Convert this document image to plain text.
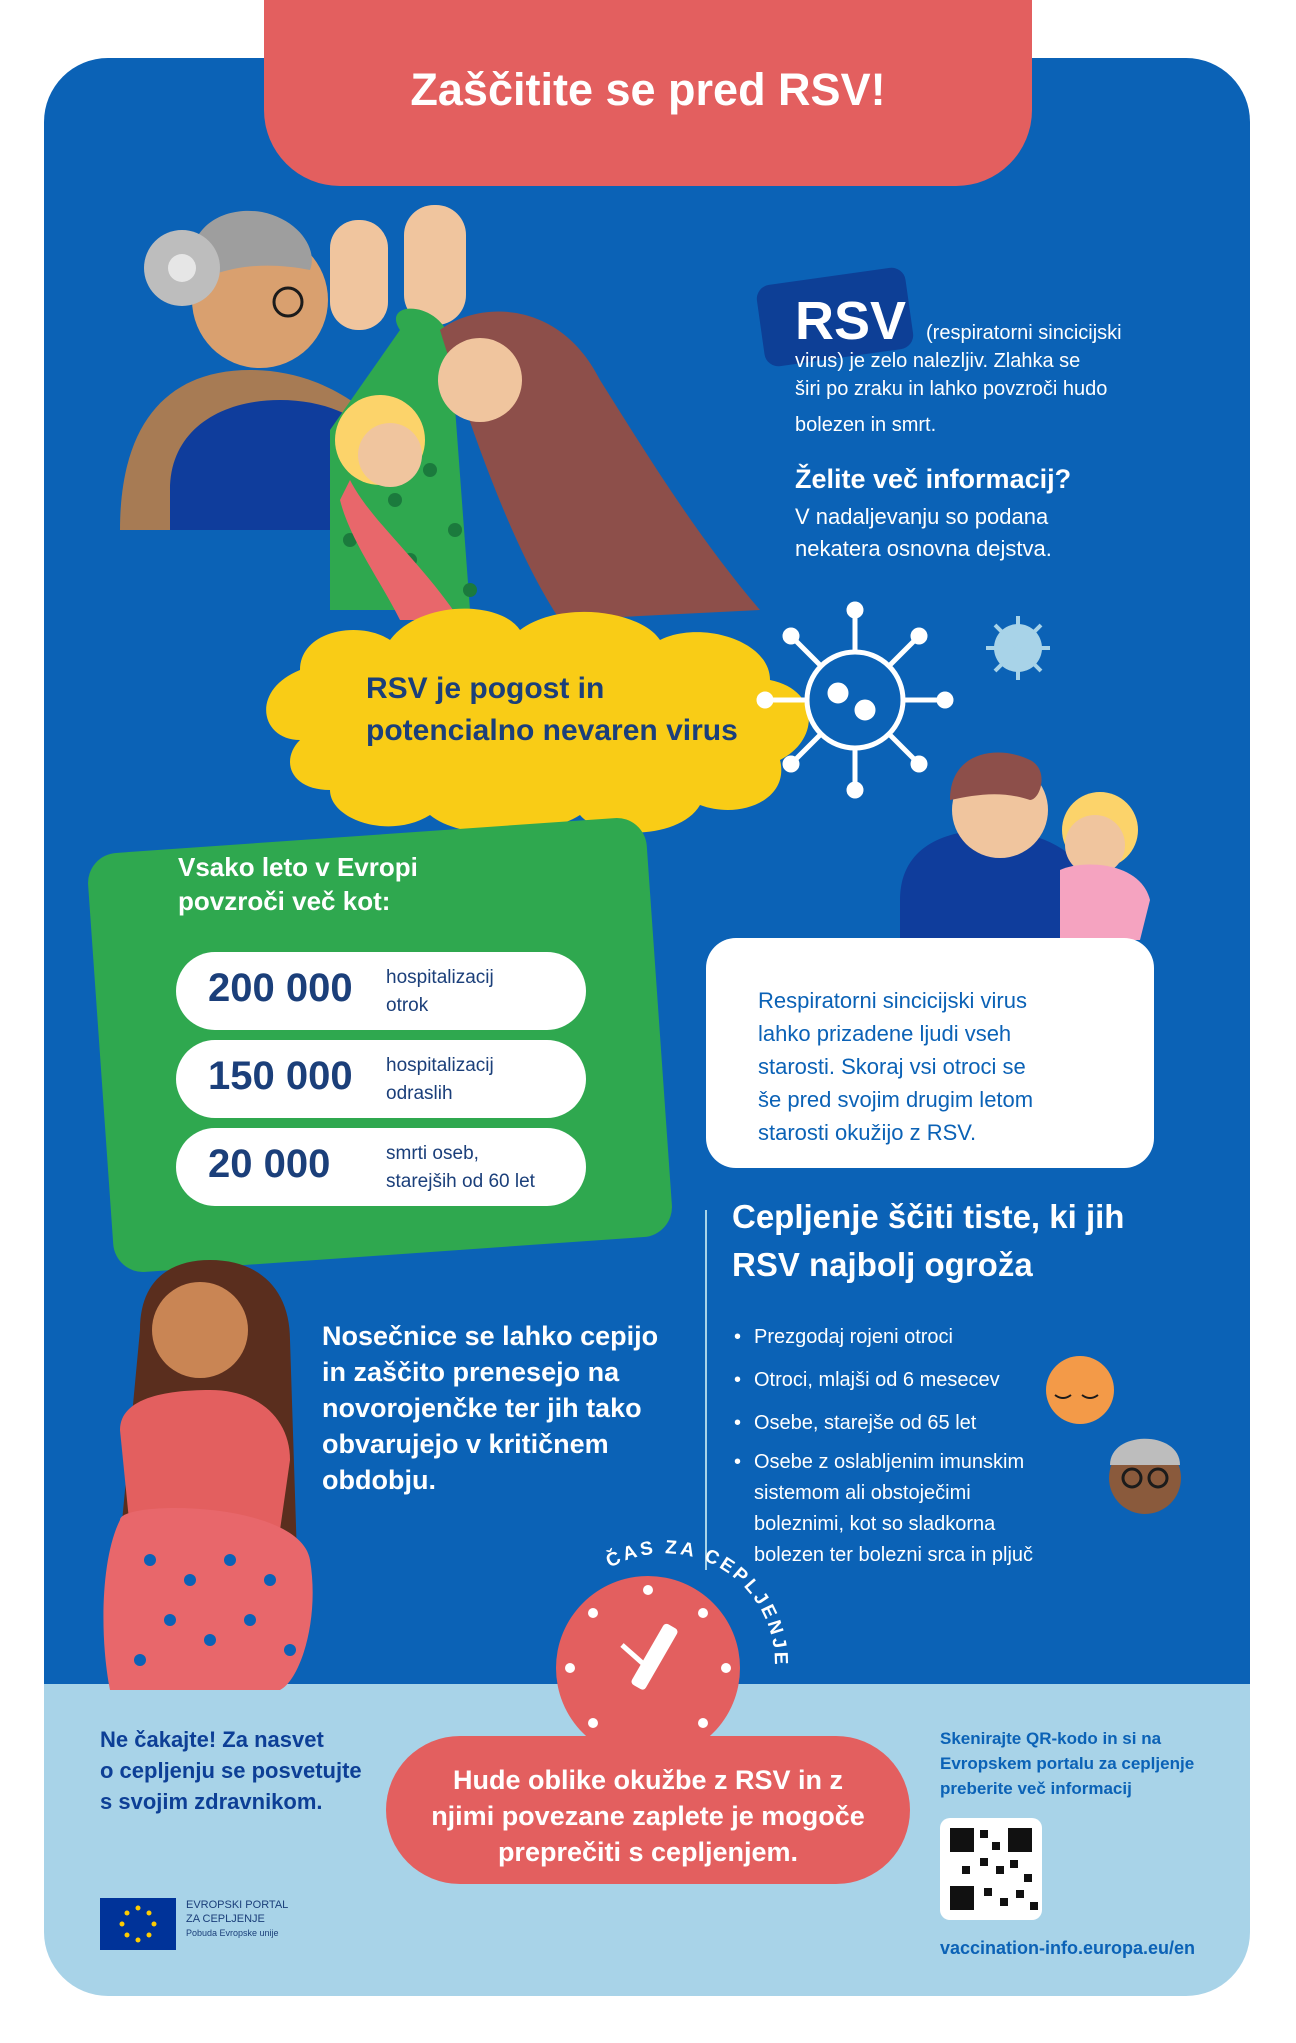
Zaščitite se pred RSV!
ČAS ZA CEPLJENJE
RSV (respiratorni sincicijski
virus) je zelo nalezljiv. Zlahka se
širi po zraku in lahko povzroči hudo
bolezen in smrt.
Želite več informacij?
V nadaljevanju so podana
nekatera osnovna dejstva.
RSV je pogost in
potencialno nevaren virus
Vsako leto v Evropi
povzroči več kot:
200 000 hospitalizacij
otrok
150 000 hospitalizacij
odraslih
20 000	smrti oseb,
starejših od 60 let
Respiratorni sincicijski virus
lahko prizadene ljudi vseh
starosti. Skoraj vsi otroci se
še pred svojim drugim letom
starosti okužijo z RSV.
Nosečnice se lahko cepijo
in zaščito prenesejo na
novorojenčke ter jih tako
obvarujejo v kritičnem
obdobju.
Cepljenje ščiti tiste, ki jih
RSV najbolj ogroža
• Prezgodaj rojeni otroci
• Otroci, mlajši od 6 mesecev
• Osebe, starejše od 65 let
• Osebe z oslabljenim imunskim sistemom ali obstoječimi boleznimi, kot so sladkorna bolezen ter bolezni srca in pljuč
Ne čakajte! Za nasvet
o cepljenju se posvetujte
s svojim zdravnikom.
Hude oblike okužbe z RSV in z
njimi povezane zaplete je mogoče
preprečiti s cepljenjem.
Skenirajte QR-kodo in si na
Evropskem portalu za cepljenje
preberite več informacij
vaccination-info.europa.eu/en
EVROPSKI PORTAL
ZA CEPLJENJE
Pobuda Evropske unije
